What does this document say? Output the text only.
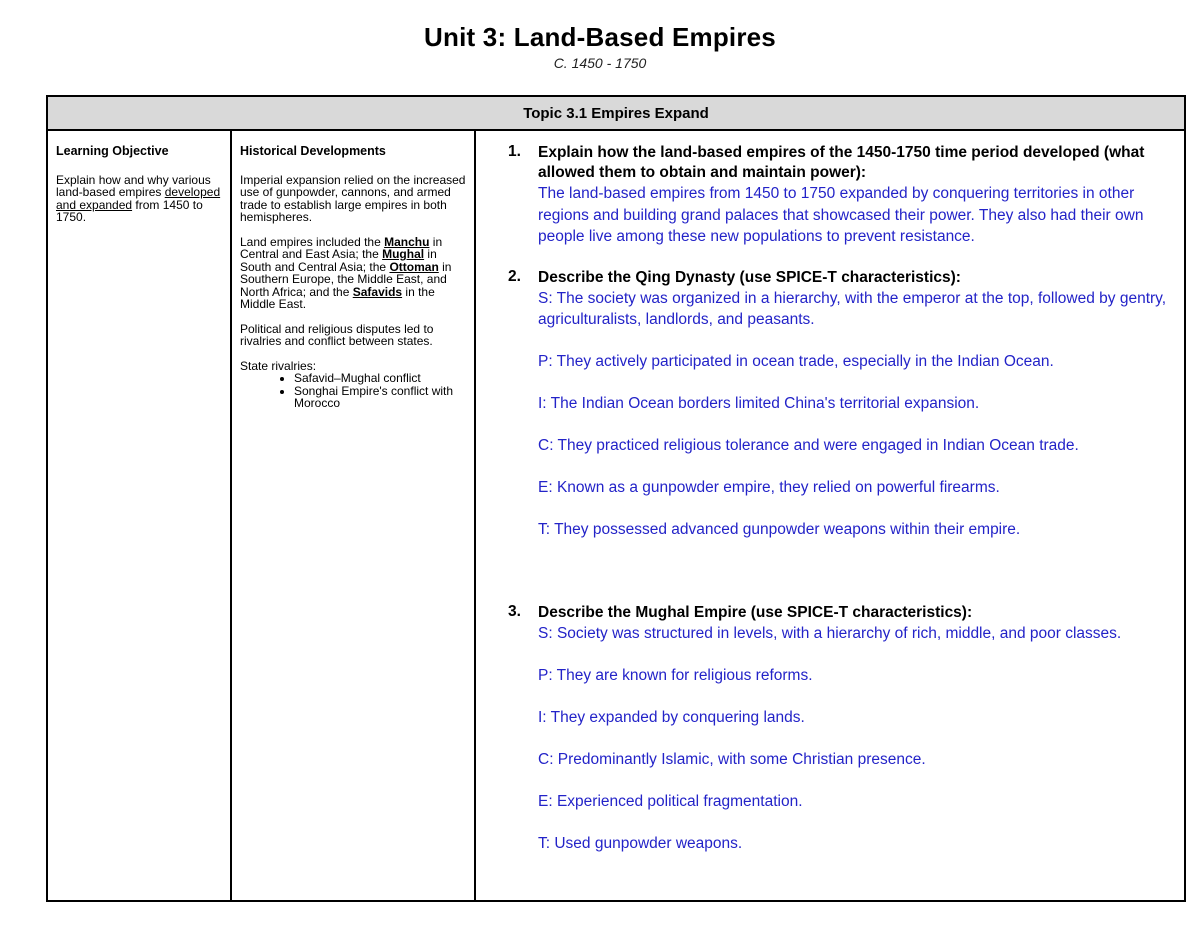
Unit 3: Land-Based Empires
C. 1450 - 1750
Topic 3.1 Empires Expand
Learning Objective
Explain how and why various land-based empires developed and expanded from 1450 to 1750.
Historical Developments
Imperial expansion relied on the increased use of gunpowder, cannons, and armed trade to establish large empires in both hemispheres.
Land empires included the Manchu in Central and East Asia; the Mughal in South and Central Asia; the Ottoman in Southern Europe, the Middle East, and North Africa; and the Safavids in the Middle East.
Political and religious disputes led to rivalries and conflict between states.
State rivalries:
• Safavid–Mughal conflict
• Songhai Empire's conflict with Morocco
1. Explain how the land-based empires of the 1450-1750 time period developed (what allowed them to obtain and maintain power):
The land-based empires from 1450 to 1750 expanded by conquering territories in other regions and building grand palaces that showcased their power. They also had their own people live among these new populations to prevent resistance.
2. Describe the Qing Dynasty (use SPICE-T characteristics):
S: The society was organized in a hierarchy, with the emperor at the top, followed by gentry, agriculturalists, landlords, and peasants.
P: They actively participated in ocean trade, especially in the Indian Ocean.
I: The Indian Ocean borders limited China's territorial expansion.
C: They practiced religious tolerance and were engaged in Indian Ocean trade.
E: Known as a gunpowder empire, they relied on powerful firearms.
T: They possessed advanced gunpowder weapons within their empire.
3. Describe the Mughal Empire (use SPICE-T characteristics):
S: Society was structured in levels, with a hierarchy of rich, middle, and poor classes.
P: They are known for religious reforms.
I: They expanded by conquering lands.
C: Predominantly Islamic, with some Christian presence.
E: Experienced political fragmentation.
T: Used gunpowder weapons.
